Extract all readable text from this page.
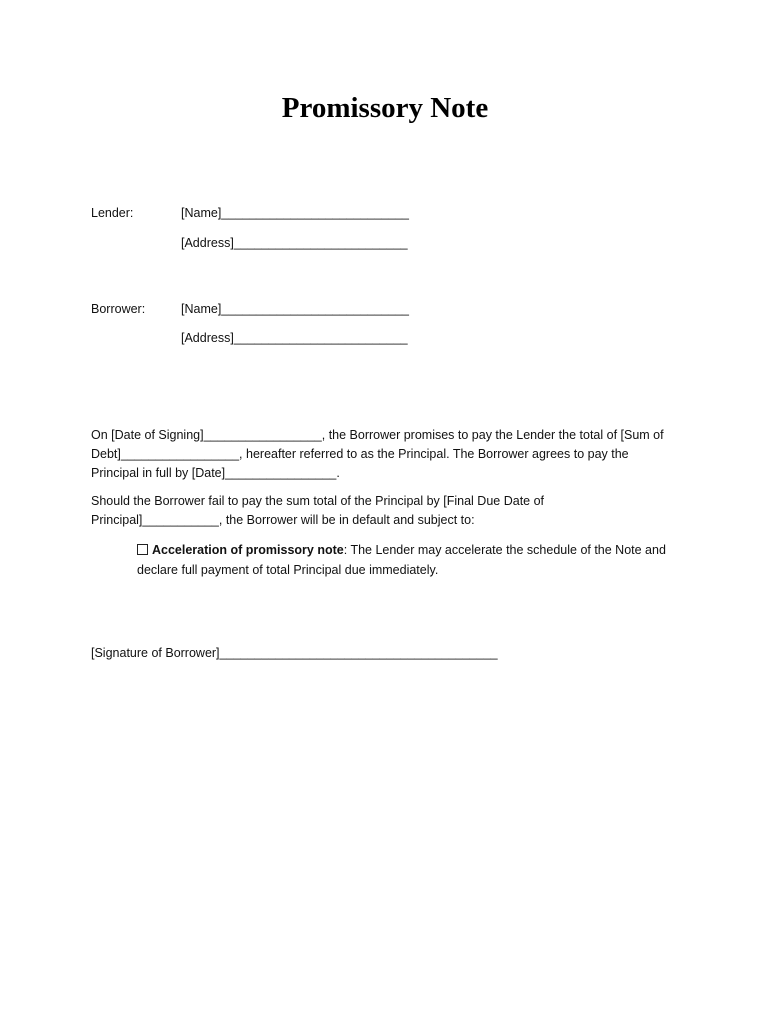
Promissory Note
Lender:	[Name]___________________________
[Address]_________________________
Borrower:	[Name]___________________________
[Address]_________________________
On [Date of Signing]_________________, the Borrower promises to pay the Lender the total of [Sum of
Debt]_________________, hereafter referred to as the Principal. The Borrower agrees to pay the
Principal in full by [Date]________________.
Should the Borrower fail to pay the sum total of the Principal by [Final Due Date of
Principal]___________, the Borrower will be in default and subject to:
Acceleration of promissory note: The Lender may accelerate the schedule of the Note and
declare full payment of total Principal due immediately.
[Signature of Borrower]________________________________________
